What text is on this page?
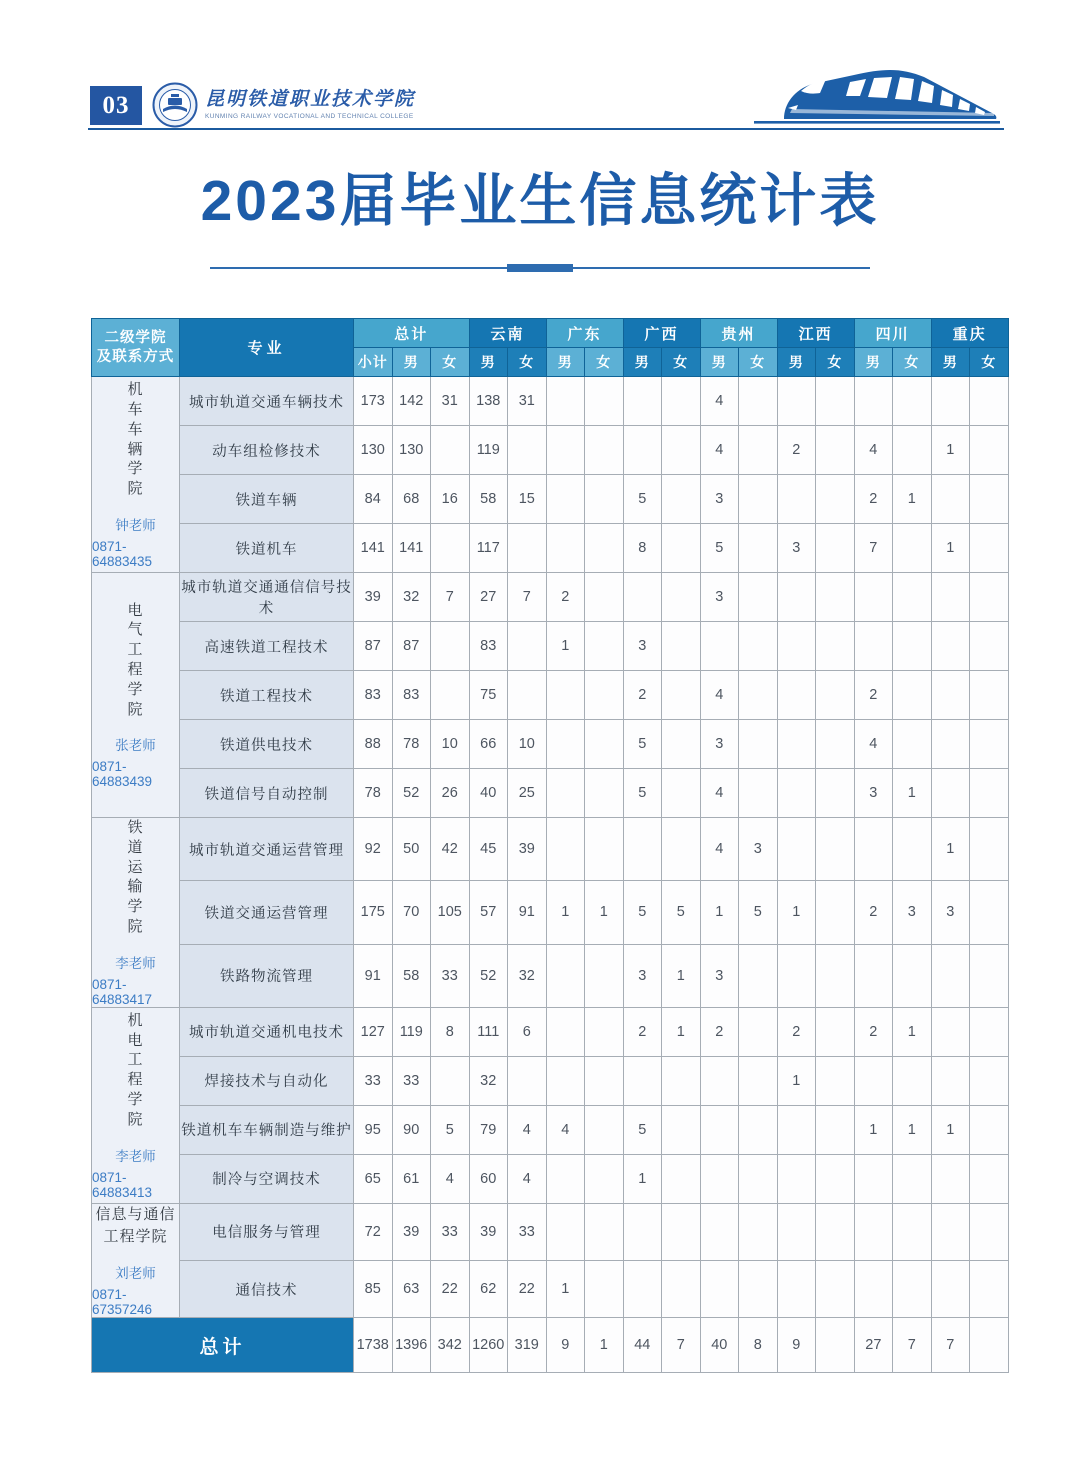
03	昆明铁道职业技术学院
KUNMING RAILWAY VOCATIONAL AND TECHNICAL COLLEGE
2023届毕业生信息统计表
二级学院
及联系方式	专业	总计			云南		广东		广西		贵州		江西		四川		重庆	
		小计	男	女	男	女	男	女	男	女	男	女	男	女	男	女	男	女

机
车
车
辆
学
院
钟老师
0871-64883435
	城市轨道交通车辆技术	173	142	31	138	31					4							
	动车组检修技术	130	130		119						4		2		4		1	
	铁道车辆	84	68	16	58	15			5		3				2	1		
	铁道机车	141	141		117				8		5		3		7		1	

电
气
工
程
学
院
张老师
0871-64883439
	城市轨道交通通信信号技术	39	32	7	27	7	2				3							
	高速铁道工程技术	87	87		83		1		3									
	铁道工程技术	83	83		75				2		4				2			
	铁道供电技术	88	78	10	66	10			5		3				4			
	铁道信号自动控制	78	52	26	40	25			5		4				3	1		

铁
道
运
输
学
院
李老师
0871-64883417
	城市轨道交通运营管理	92	50	42	45	39					4	3					1	
	铁道交通运营管理	175	70	105	57	91	1	1	5	5	1	5	1		2	3	3	
	铁路物流管理	91	58	33	52	32			3	1	3							

机
电
工
程
学
院
李老师
0871-64883413
	城市轨道交通机电技术	127	119	8	111	6			2	1	2		2		2	1		
	焊接技术与自动化	33	33		32								1					
	铁道机车车辆制造与维护	95	90	5	79	4	4		5						1	1	1	
	制冷与空调技术	65	61	4	60	4			1									

信息与通信
工程学院
刘老师
0871-67357246	电信服务与管理	72	39	33	39	33												
	通信技术	85	63	22	62	22	1											
总计		1738	1396	342	1260	319	9	1	44	7	40	8	9		27	7	7	
